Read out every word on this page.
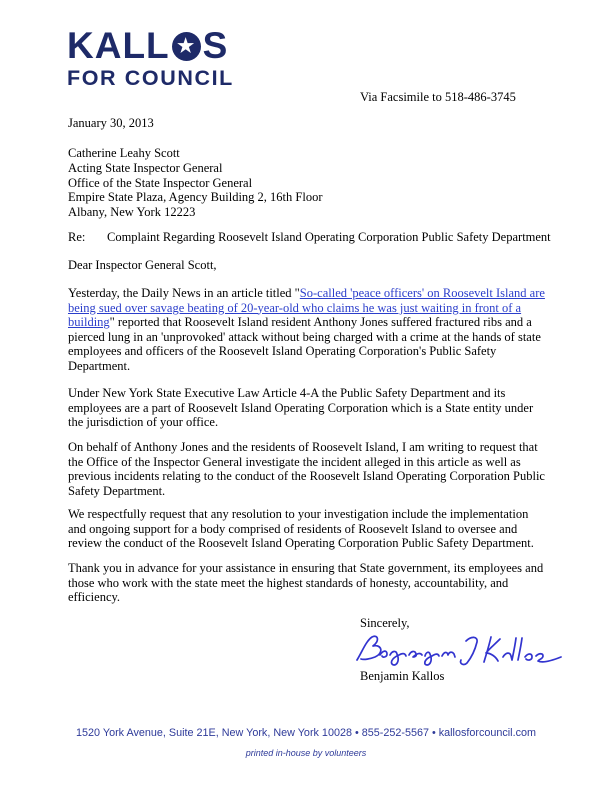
KALL ★ S
FOR COUNCIL
Via Facsimile to 518-486-3745
January 30, 2013
Catherine Leahy Scott
Acting State Inspector General
Office of the State Inspector General
Empire State Plaza, Agency Building 2, 16th Floor
Albany, New York 12223
Re:	Complaint Regarding Roosevelt Island Operating Corporation Public Safety Department
Dear Inspector General Scott,

Yesterday, the Daily News in an article titled "So-called 'peace officers' on Roosevelt Island are being sued over savage beating of 20-year-old who claims he was just waiting in front of a building" reported that Roosevelt Island resident Anthony Jones suffered fractured ribs and a pierced lung in an 'unprovoked' attack without being charged with a crime at the hands of state employees and officers of the Roosevelt Island Operating Corporation's Public Safety Department.

Under New York State Executive Law Article 4-A the Public Safety Department and its employees are a part of Roosevelt Island Operating Corporation which is a State entity under the jurisdiction of your office.

On behalf of Anthony Jones and the residents of Roosevelt Island, I am writing to request that the Office of the Inspector General investigate the incident alleged in this article as well as previous incidents relating to the conduct of the Roosevelt Island Operating Corporation Public Safety Department.

We respectfully request that any resolution to your investigation include the implementation and ongoing support for a body comprised of residents of Roosevelt Island to oversee and review the conduct of the Roosevelt Island Operating Corporation Public Safety Department.

Thank you in advance for your assistance in ensuring that State government, its employees and those who work with the state meet the highest standards of honesty, accountability, and efficiency.

Sincerely,
Benjamin Kallos
1520 York Avenue, Suite 21E, New York, New York 10028 • 855-252-5567 • kallosforcouncil.com
printed in-house by volunteers
